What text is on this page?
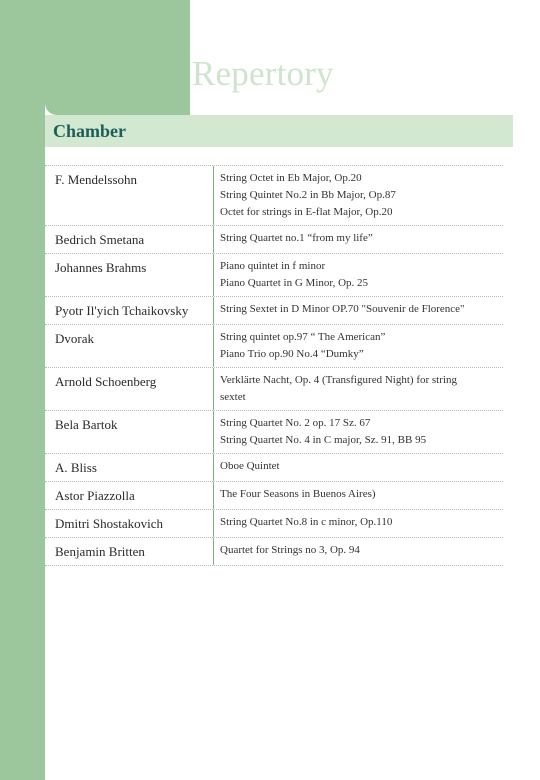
Repertory
Chamber
F. Mendelssohn	String Octet in Eb Major, Op.20
String Quintet No.2 in Bb Major, Op.87
Octet for strings in E-flat Major, Op.20
Bedrich Smetana	String Quartet no.1 “from my life”
Johannes Brahms	Piano quintet in f minor
Piano Quartet in G Minor, Op. 25
Pyotr Il'yich Tchaikovsky	String Sextet in D Minor OP.70 "Souvenir de Florence"
Dvorak	String quintet op.97 “ The American”
Piano Trio op.90 No.4 “Dumky”
Arnold Schoenberg	Verklärte Nacht, Op. 4 (Transfigured Night) for string
sextet
Bela Bartok	String Quartet No. 2 op. 17 Sz. 67
String Quartet No. 4 in C major, Sz. 91, BB 95
A. Bliss	Oboe Quintet
Astor Piazzolla	The Four Seasons in Buenos Aires)
Dmitri Shostakovich	String Quartet No.8 in c minor, Op.110
Benjamin Britten	Quartet for Strings no 3, Op. 94
